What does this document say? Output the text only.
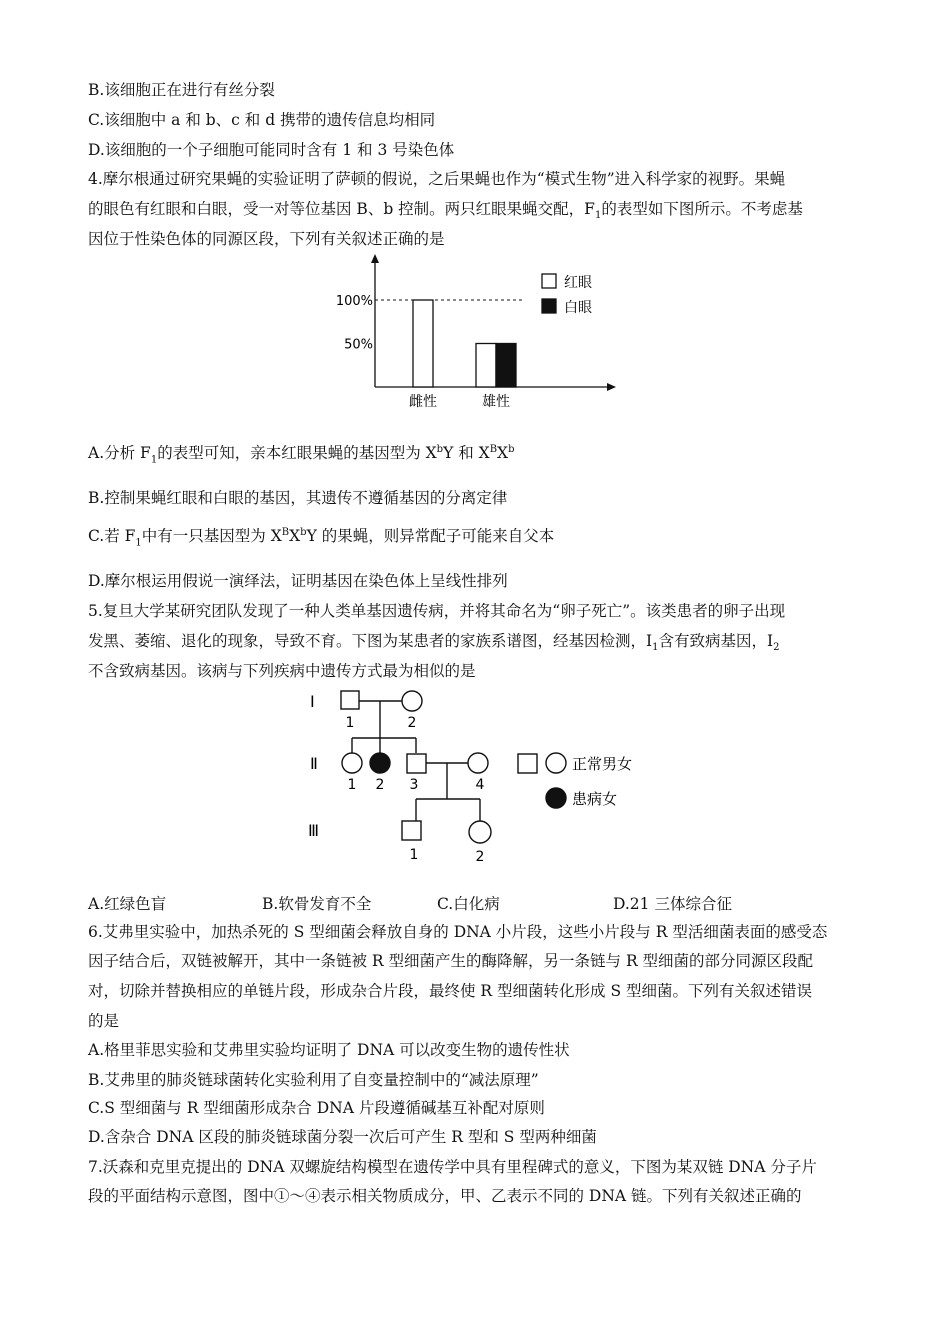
B.该细胞正在进行有丝分裂
C.该细胞中 a 和 b、c 和 d 携带的遗传信息均相同
D.该细胞的一个子细胞可能同时含有 1 和 3 号染色体
4.摩尔根通过研究果蝇的实验证明了萨顿的假说，之后果蝇也作为“模式生物”进入科学家的视野。果蝇
的眼色有红眼和白眼，受一对等位基因 B、b 控制。两只红眼果蝇交配，$F_1$的表型如下图所示。不考虑基
因位于性染色体的同源区段，下列有关叙述正确的是
100%
50%
雌性	雄性
红眼
白眼
A.分析 $F_1$的表型可知，亲本红眼果蝇的基因型为 $X^bY$ 和 $X^BX^b$
B.控制果蝇红眼和白眼的基因，其遗传不遵循基因的分离定律
C.若 $F_1$中有一只基因型为 $X^BX^bY$ 的果蝇，则异常配子可能来自父本
D.摩尔根运用假说一演绎法，证明基因在染色体上呈线性排列
5.复旦大学某研究团队发现了一种人类单基因遗传病，并将其命名为“卵子死亡”。该类患者的卵子出现
发黑、萎缩、退化的现象，导致不育。下图为某患者的家族系谱图，经基因检测，$Ⅰ_1$含有致病基因，$Ⅰ_2$
不含致病基因。该病与下列疾病中遗传方式最为相似的是
Ⅰ
Ⅱ
Ⅲ
1	2
1 2 3	4
1	2
正常男女
患病女
A.红绿色盲	B.软骨发育不全	C.白化病	D.21 三体综合征
6.艾弗里实验中，加热杀死的 S 型细菌会释放自身的 DNA 小片段，这些小片段与 R 型活细菌表面的感受态
因子结合后，双链被解开，其中一条链被 R 型细菌产生的酶降解，另一条链与 R 型细菌的部分同源区段配
对，切除并替换相应的单链片段，形成杂合片段，最终使 R 型细菌转化形成 S 型细菌。下列有关叙述错误
的是
A.格里菲思实验和艾弗里实验均证明了 DNA 可以改变生物的遗传性状
B.艾弗里的肺炎链球菌转化实验利用了自变量控制中的“减法原理”
C.S 型细菌与 R 型细菌形成杂合 DNA 片段遵循碱基互补配对原则
D.含杂合 DNA 区段的肺炎链球菌分裂一次后可产生 R 型和 S 型两种细菌
7.沃森和克里克提出的 DNA 双螺旋结构模型在遗传学中具有里程碑式的意义，下图为某双链 DNA 分子片
段的平面结构示意图，图中①～④表示相关物质成分，甲、乙表示不同的 DNA 链。下列有关叙述正确的
